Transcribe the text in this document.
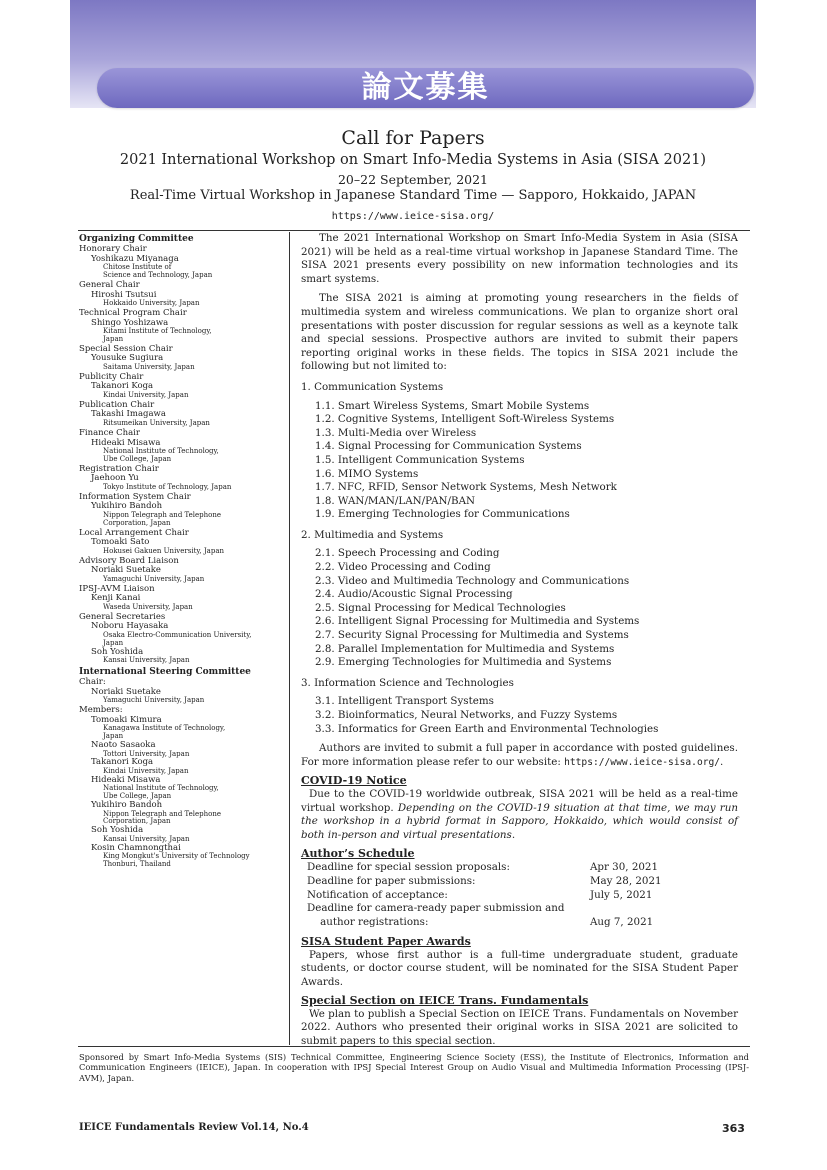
論文募集
Call for Papers
2021 International Workshop on Smart Info-Media Systems in Asia (SISA 2021)
20–22 September, 2021
Real-Time Virtual Workshop in Japanese Standard Time — Sapporo, Hokkaido, JAPAN
https://www.ieice-sisa.org/
Organizing Committee
Honorary Chair
Yoshikazu Miyanaga
Chitose Institute of
Science and Technology, Japan
General Chair
Hiroshi Tsutsui
Hokkaido University, Japan
Technical Program Chair
Shingo Yoshizawa
Kitami Institute of Technology,
Japan
Special Session Chair
Yousuke Sugiura
Saitama University, Japan
Publicity Chair
Takanori Koga
Kindai University, Japan
Publication Chair
Takashi Imagawa
Ritsumeikan University, Japan
Finance Chair
Hideaki Misawa
National Institute of Technology,
Ube College, Japan
Registration Chair
Jaehoon Yu
Tokyo Institute of Technology, Japan
Information System Chair
Yukihiro Bandoh
Nippon Telegraph and Telephone
Corporation, Japan
Local Arrangement Chair
Tomoaki Sato
Hokusei Gakuen University, Japan
Advisory Board Liaison
Noriaki Suetake
Yamaguchi University, Japan
IPSJ-AVM Liaison
Kenji Kanai
Waseda University, Japan
General Secretaries
Noboru Hayasaka
Osaka Electro-Communication University,
Japan
Soh Yoshida
Kansai University, Japan
International Steering Committee
Chair:
Noriaki Suetake
Yamaguchi University, Japan
Members:
Tomoaki Kimura
Kanagawa Institute of Technology,
Japan
Naoto Sasaoka
Tottori University, Japan
Takanori Koga
Kindai University, Japan
Hideaki Misawa
National Institute of Technology,
Ube College, Japan
Yukihiro Bandoh
Nippon Telegraph and Telephone
Corporation, Japan
Soh Yoshida
Kansai University, Japan
Kosin Chamnongthai
King Mongkut's University of Technology
Thonburi, Thailand

The 2021 International Workshop on Smart Info-Media System in Asia (SISA 2021) will be held as a real-time virtual workshop in Japanese Standard Time. The SISA 2021 presents every possibility on new information technologies and its smart systems.

The SISA 2021 is aiming at promoting young researchers in the fields of multimedia system and wireless communications. We plan to organize short oral presentations with poster discussion for regular sessions as well as a keynote talk and special sessions. Prospective authors are invited to submit their papers reporting original works in these fields. The topics in SISA 2021 include the following but not limited to:

1. Communication Systems
1.1. Smart Wireless Systems, Smart Mobile Systems
1.2. Cognitive Systems, Intelligent Soft-Wireless Systems
1.3. Multi-Media over Wireless
1.4. Signal Processing for Communication Systems
1.5. Intelligent Communication Systems
1.6. MIMO Systems
1.7. NFC, RFID, Sensor Network Systems, Mesh Network
1.8. WAN/MAN/LAN/PAN/BAN
1.9. Emerging Technologies for Communications
2. Multimedia and Systems
2.1. Speech Processing and Coding
2.2. Video Processing and Coding
2.3. Video and Multimedia Technology and Communications
2.4. Audio/Acoustic Signal Processing
2.5. Signal Processing for Medical Technologies
2.6. Intelligent Signal Processing for Multimedia and Systems
2.7. Security Signal Processing for Multimedia and Systems
2.8. Parallel Implementation for Multimedia and Systems
2.9. Emerging Technologies for Multimedia and Systems
3. Information Science and Technologies
3.1. Intelligent Transport Systems
3.2. Bioinformatics, Neural Networks, and Fuzzy Systems
3.3. Informatics for Green Earth and Environmental Technologies

Authors are invited to submit a full paper in accordance with posted guidelines. For more information please refer to our website: https://www.ieice-sisa.org/.

COVID-19 Notice

Due to the COVID-19 worldwide outbreak, SISA 2021 will be held as a real-time virtual workshop. Depending on the COVID-19 situation at that time, we may run the workshop in a hybrid format in Sapporo, Hokkaido, which would consist of both in-person and virtual presentations.

Author’s Schedule
Deadline for special session proposals:	Apr 30, 2021
Deadline for paper submissions:	May 28, 2021
Notification of acceptance:	July 5, 2021
Deadline for camera-ready paper submission and	
author registrations:	Aug 7, 2021
SISA Student Paper Awards

Papers, whose first author is a full-time undergraduate student, graduate students, or doctor course student, will be nominated for the SISA Student Paper Awards.

Special Section on IEICE Trans. Fundamentals

We plan to publish a Special Section on IEICE Trans. Fundamentals on November 2022. Authors who presented their original works in SISA 2021 are solicited to submit papers to this special section.

Sponsored by Smart Info-Media Systems (SIS) Technical Committee, Engineering Science Society (ESS), the Institute of Electronics, Information and Communication Engineers (IEICE), Japan. In cooperation with IPSJ Special Interest Group on Audio Visual and Multimedia Information Processing (IPSJ-AVM), Japan.
IEICE Fundamentals Review Vol.14, No.4	363
